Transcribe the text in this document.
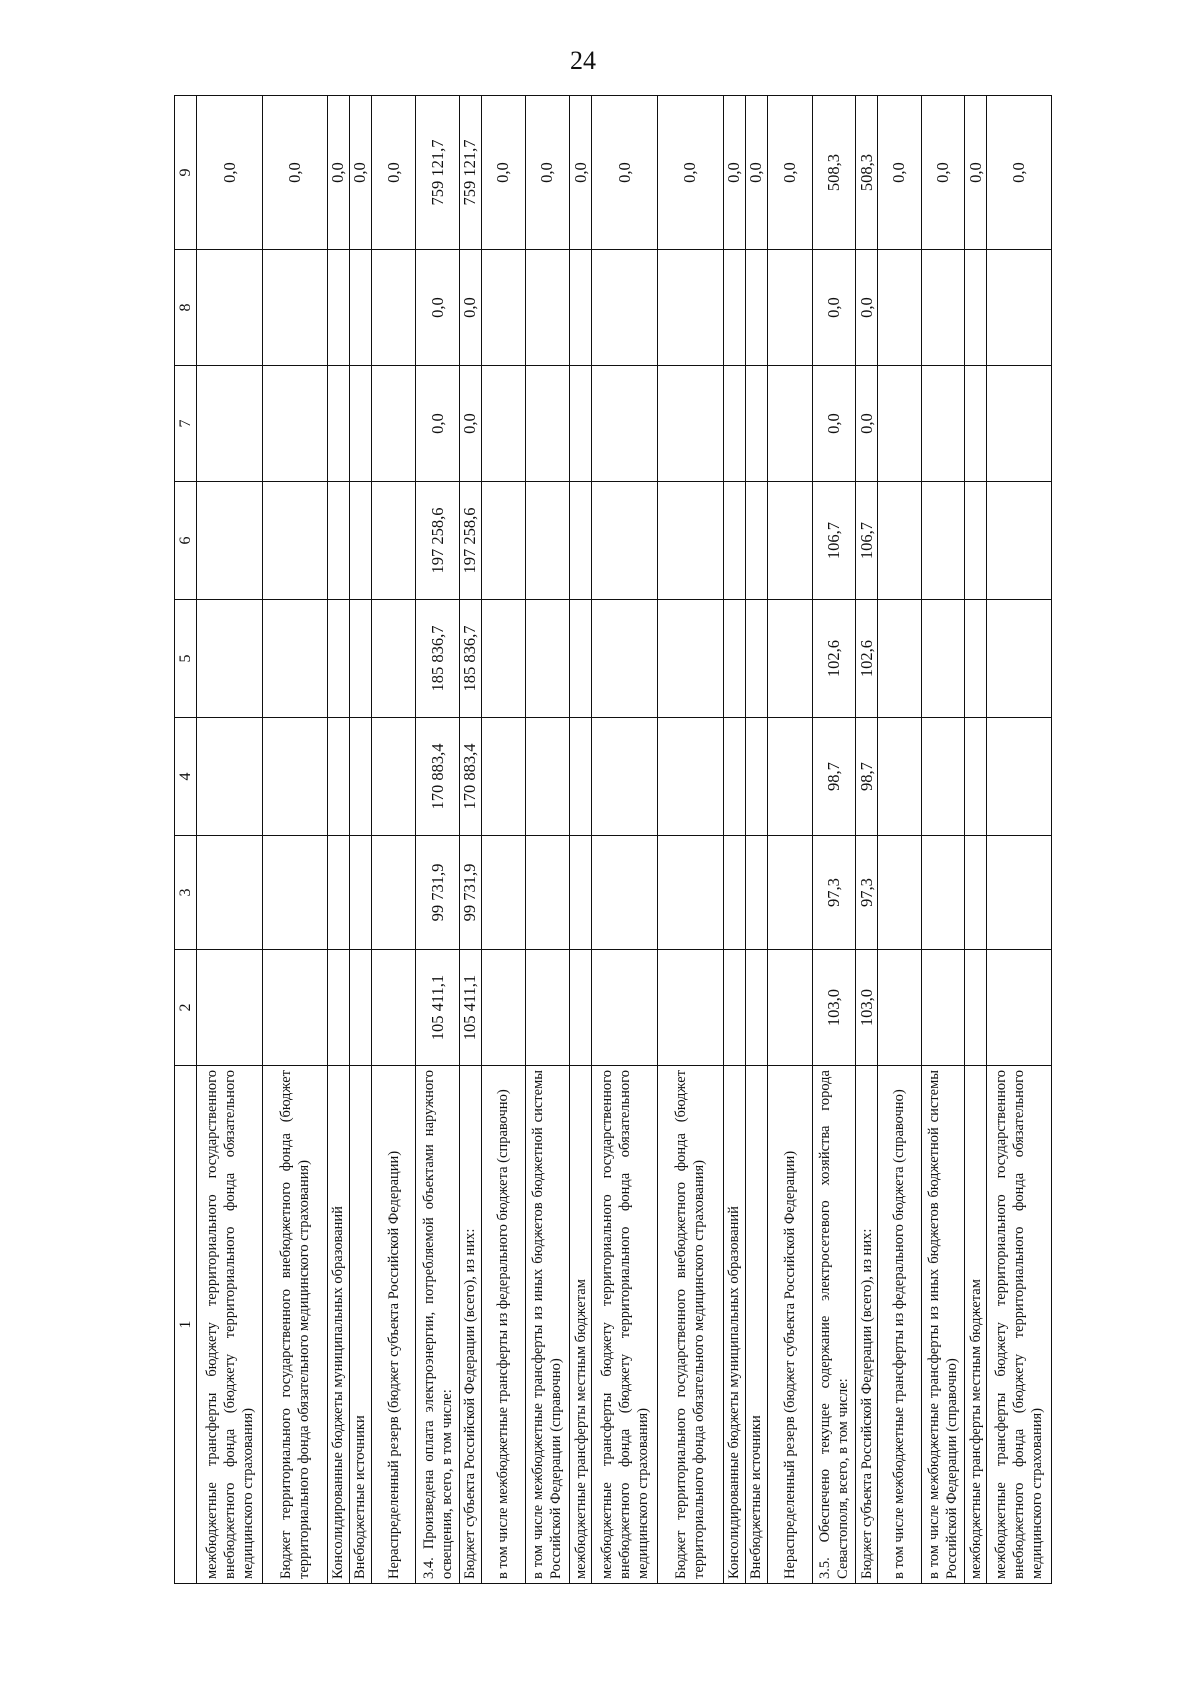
24
1	2	3	4	5	6	7	8	9
межбюджетные трансферты бюджету территориального государственного внебюджетного фонда (бюджету территориального фонда обязательного медицинского страхования)								0,0
Бюджет территориального государственного внебюджетного фонда (бюджет территориального фонда обязательного медицинского страхования)								0,0
Консолидированные бюджеты муниципальных образований								0,0
Внебюджетные источники								0,0
Нераспределенный резерв (бюджет субъекта Российской Федерации)								0,0
3.4. Произведена оплата электроэнергии, потребляемой объектами наружного освещения, всего, в том числе:	105 411,1	99 731,9	170 883,4	185 836,7	197 258,6	0,0	0,0	759 121,7
Бюджет субъекта Российской Федерации (всего), из них:	105 411,1	99 731,9	170 883,4	185 836,7	197 258,6	0,0	0,0	759 121,7
в том числе межбюджетные трансферты из федерального бюджета (справочно)								0,0
в том числе межбюджетные трансферты из иных бюджетов бюджетной системы Российской Федерации (справочно)								0,0
межбюджетные трансферты местным бюджетам								0,0
межбюджетные трансферты бюджету территориального государственного внебюджетного фонда (бюджету территориального фонда обязательного медицинского страхования)								0,0
Бюджет территориального государственного внебюджетного фонда (бюджет территориального фонда обязательного медицинского страхования)								0,0
Консолидированные бюджеты муниципальных образований								0,0
Внебюджетные источники								0,0
Нераспределенный резерв (бюджет субъекта Российской Федерации)								0,0
3.5. Обеспечено текущее содержание электросетевого хозяйства города Севастополя, всего, в том числе:	103,0	97,3	98,7	102,6	106,7	0,0	0,0	508,3
Бюджет субъекта Российской Федерации (всего), из них:	103,0	97,3	98,7	102,6	106,7	0,0	0,0	508,3
в том числе межбюджетные трансферты из федерального бюджета (справочно)								0,0
в том числе межбюджетные трансферты из иных бюджетов бюджетной системы Российской Федерации (справочно)								0,0
межбюджетные трансферты местным бюджетам								0,0
межбюджетные трансферты бюджету территориального государственного внебюджетного фонда (бюджету территориального фонда обязательного медицинского страхования)								0,0
